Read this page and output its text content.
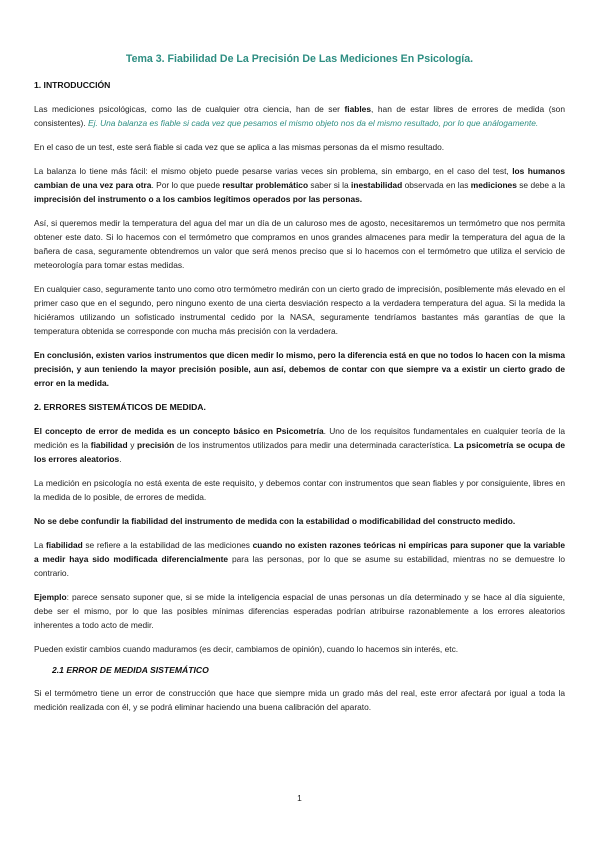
Tema 3. Fiabilidad De La Precisión De Las Mediciones En Psicología.
1. INTRODUCCIÓN

Las mediciones psicológicas, como las de cualquier otra ciencia, han de ser fiables, han de estar libres de errores de medida (son consistentes). Ej. Una balanza es fiable si cada vez que pesamos el mismo objeto nos da el mismo resultado, por lo que análogamente.

En el caso de un test, este será fiable si cada vez que se aplica a las mismas personas da el mismo resultado.

La balanza lo tiene más fácil: el mismo objeto puede pesarse varias veces sin problema, sin embargo, en el caso del test, los humanos cambian de una vez para otra. Por lo que puede resultar problemático saber si la inestabilidad observada en las mediciones se debe a la imprecisión del instrumento o a los cambios legítimos operados por las personas.

Así, si queremos medir la temperatura del agua del mar un día de un caluroso mes de agosto, necesitaremos un termómetro que nos permita obtener este dato. Si lo hacemos con el termómetro que compramos en unos grandes almacenes para medir la temperatura del agua de la bañera de casa, seguramente obtendremos un valor que será menos preciso que si lo hacemos con el termómetro que utiliza el servicio de meteorología para tomar estas medidas.

En cualquier caso, seguramente tanto uno como otro termómetro medirán con un cierto grado de imprecisión, posiblemente más elevado en el primer caso que en el segundo, pero ninguno exento de una cierta desviación respecto a la verdadera temperatura del agua. Si la medida la hiciéramos utilizando un sofisticado instrumental cedido por la NASA, seguramente tendríamos bastantes más garantías de que la temperatura obtenida se corresponde con mucha más precisión con la verdadera.

En conclusión, existen varios instrumentos que dicen medir lo mismo, pero la diferencia está en que no todos lo hacen con la misma precisión, y aun teniendo la mayor precisión posible, aun así, debemos de contar con que siempre va a existir un cierto grado de error en la medida.

2. ERRORES SISTEMÁTICOS DE MEDIDA.

El concepto de error de medida es un concepto básico en Psicometría. Uno de los requisitos fundamentales en cualquier teoría de la medición es la fiabilidad y precisión de los instrumentos utilizados para medir una determinada característica. La psicometría se ocupa de los errores aleatorios.

La medición en psicología no está exenta de este requisito, y debemos contar con instrumentos que sean fiables y por consiguiente, libres en la medida de lo posible, de errores de medida.

No se debe confundir la fiabilidad del instrumento de medida con la estabilidad o modificabilidad del constructo medido.

La fiabilidad se refiere a la estabilidad de las mediciones cuando no existen razones teóricas ni empíricas para suponer que la variable a medir haya sido modificada diferencialmente para las personas, por lo que se asume su estabilidad, mientras no se demuestre lo contrario.

Ejemplo: parece sensato suponer que, si se mide la inteligencia espacial de unas personas un día determinado y se hace al día siguiente, debe ser el mismo, por lo que las posibles mínimas diferencias esperadas podrían atribuirse razonablemente a los errores aleatorios inherentes a todo acto de medir.

Pueden existir cambios cuando maduramos (es decir, cambiamos de opinión), cuando lo hacemos sin interés, etc.

2.1 ERROR DE MEDIDA SISTEMÁTICO

Si el termómetro tiene un error de construcción que hace que siempre mida un grado más del real, este error afectará por igual a toda la medición realizada con él, y se podrá eliminar haciendo una buena calibración del aparato.

1
